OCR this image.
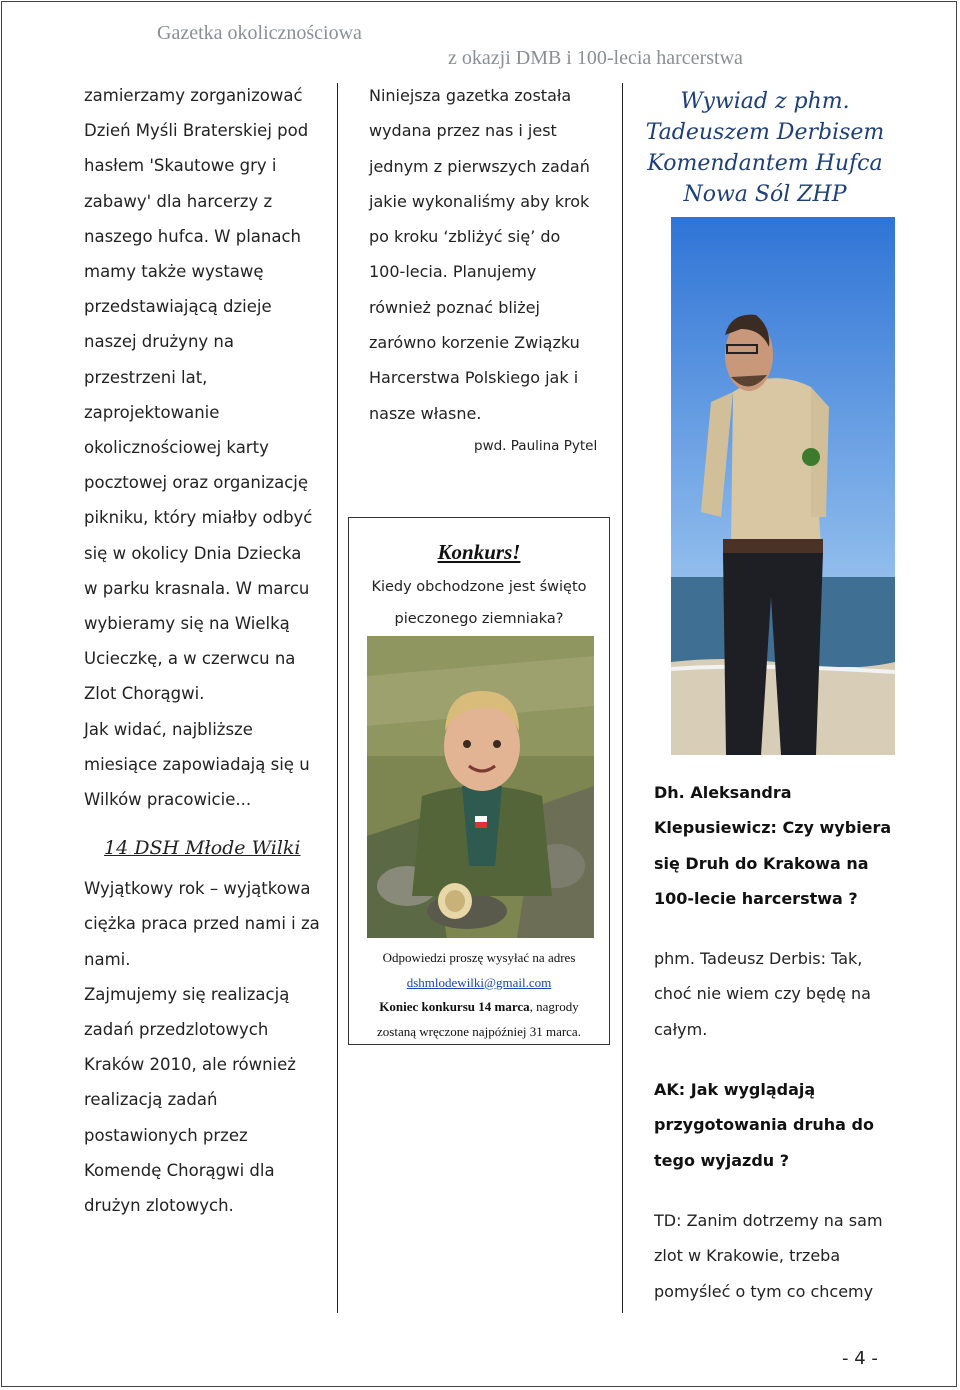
Gazetka okolicznościowa
z okazji DMB i 100-lecia harcerstwa
zamierzamy zorganizować
Dzień Myśli Braterskiej pod
hasłem 'Skautowe gry i
zabawy' dla harcerzy z
naszego hufca. W planach
mamy także wystawę
przedstawiającą dzieje
naszej drużyny na
przestrzeni lat,
zaprojektowanie
okolicznościowej karty
pocztowej oraz organizację
pikniku, który miałby odbyć
się w okolicy Dnia Dziecka
w parku krasnala. W marcu
wybieramy się na Wielką
Ucieczkę, a w czerwcu na
Zlot Chorągwi.
Jak widać, najbliższe
miesiące zapowiadają się u
Wilków pracowicie...
14 DSH Młode Wilki
Wyjątkowy rok – wyjątkowa
ciężka praca przed nami i za
nami.
Zajmujemy się realizacją
zadań przedzlotowych
Kraków 2010, ale również
realizacją zadań
postawionych przez
Komendę Chorągwi dla
drużyn zlotowych.
Niniejsza gazetka została
wydana przez nas i jest
jednym z pierwszych zadań
jakie wykonaliśmy aby krok
po kroku ‘zbliżyć się’ do
100-lecia. Planujemy
również poznać bliżej
zarówno korzenie Związku
Harcerstwa Polskiego jak i
nasze własne.
pwd. Paulina Pytel
Konkurs!
Kiedy obchodzone jest święto
pieczonego ziemniaka?
Odpowiedzi proszę wysyłać na adres
dshmlodewilki@gmail.com
Koniec konkursu 14 marca, nagrody
zostaną wręczone najpóźniej 31 marca.
Wywiad z phm.
Tadeuszem Derbisem
Komendantem Hufca
Nowa Sól ZHP
Dh. Aleksandra
Klepusiewicz: Czy wybiera
się Druh do Krakowa na
100-lecie harcerstwa ?
phm. Tadeusz Derbis: Tak,
choć nie wiem czy będę na
całym.
AK: Jak wyglądają
przygotowania druha do
tego wyjazdu ?
TD: Zanim dotrzemy na sam
zlot w Krakowie, trzeba
pomyśleć o tym co chcemy
- 4 -
